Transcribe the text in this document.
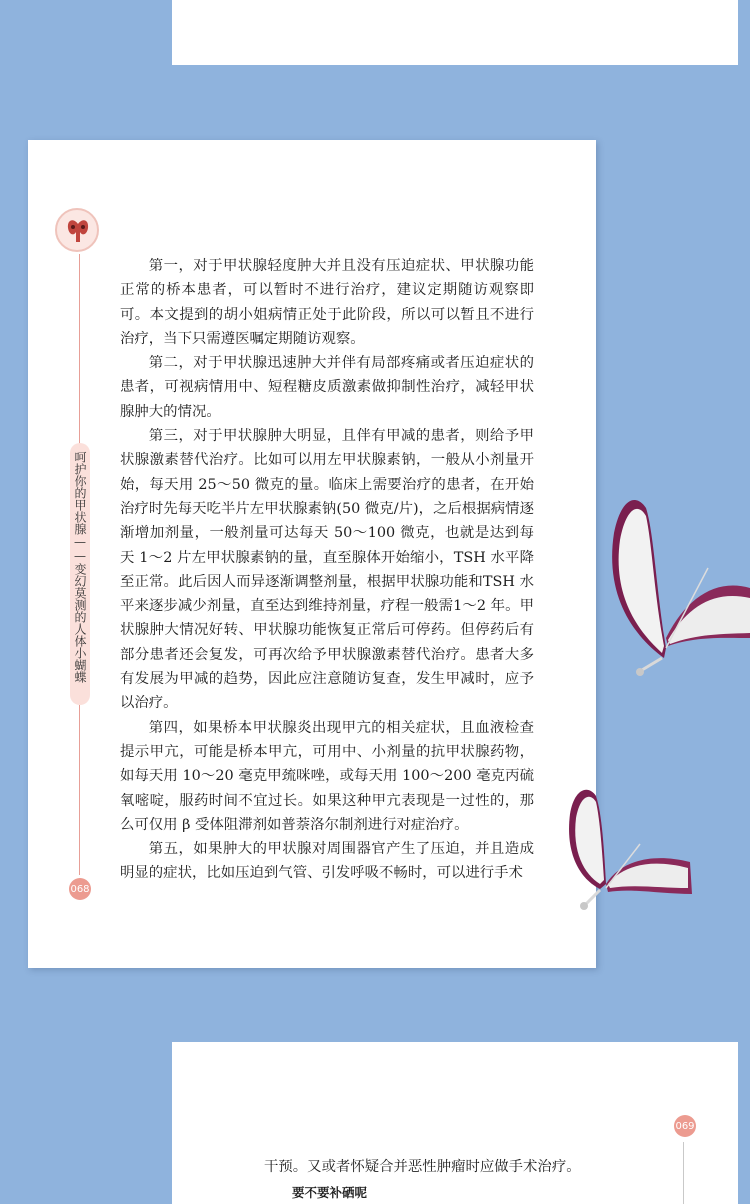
呵护你的甲状腺——变幻莫测的人体小蝴蝶
068

第一，对于甲状腺轻度肿大并且没有压迫症状、甲状腺功能正常的桥本患者，可以暂时不进行治疗，建议定期随访观察即可。本文提到的胡小姐病情正处于此阶段，所以可以暂且不进行治疗，当下只需遵医嘱定期随访观察。

第二，对于甲状腺迅速肿大并伴有局部疼痛或者压迫症状的患者，可视病情用中、短程糖皮质激素做抑制性治疗，减轻甲状腺肿大的情况。

第三，对于甲状腺肿大明显，且伴有甲减的患者，则给予甲状腺激素替代治疗。比如可以用左甲状腺素钠，一般从小剂量开始，每天用 25～50 微克的量。临床上需要治疗的患者，在开始治疗时先每天吃半片左甲状腺素钠(50 微克/片)，之后根据病情逐渐增加剂量，一般剂量可达每天 50～100 微克，也就是达到每天 1～2 片左甲状腺素钠的量，直至腺体开始缩小，TSH 水平降至正常。此后因人而异逐渐调整剂量，根据甲状腺功能和TSH 水平来逐步减少剂量，直至达到维持剂量，疗程一般需1～2 年。甲状腺肿大情况好转、甲状腺功能恢复正常后可停药。但停药后有部分患者还会复发，可再次给予甲状腺激素替代治疗。患者大多有发展为甲减的趋势，因此应注意随访复查，发生甲减时，应予以治疗。

第四，如果桥本甲状腺炎出现甲亢的相关症状，且血液检查提示甲亢，可能是桥本甲亢，可用中、小剂量的抗甲状腺药物，如每天用 10～20 毫克甲巯咪唑，或每天用 100～200 毫克丙硫氧嘧啶，服药时间不宜过长。如果这种甲亢表现是一过性的，那么可仅用 β 受体阻滞剂如普萘洛尔制剂进行对症治疗。

第五，如果肿大的甲状腺对周围器官产生了压迫，并且造成明显的症状，比如压迫到气管、引发呼吸不畅时，可以进行手术

069
干预。又或者怀疑合并恶性肿瘤时应做手术治疗。
要不要补硒呢
